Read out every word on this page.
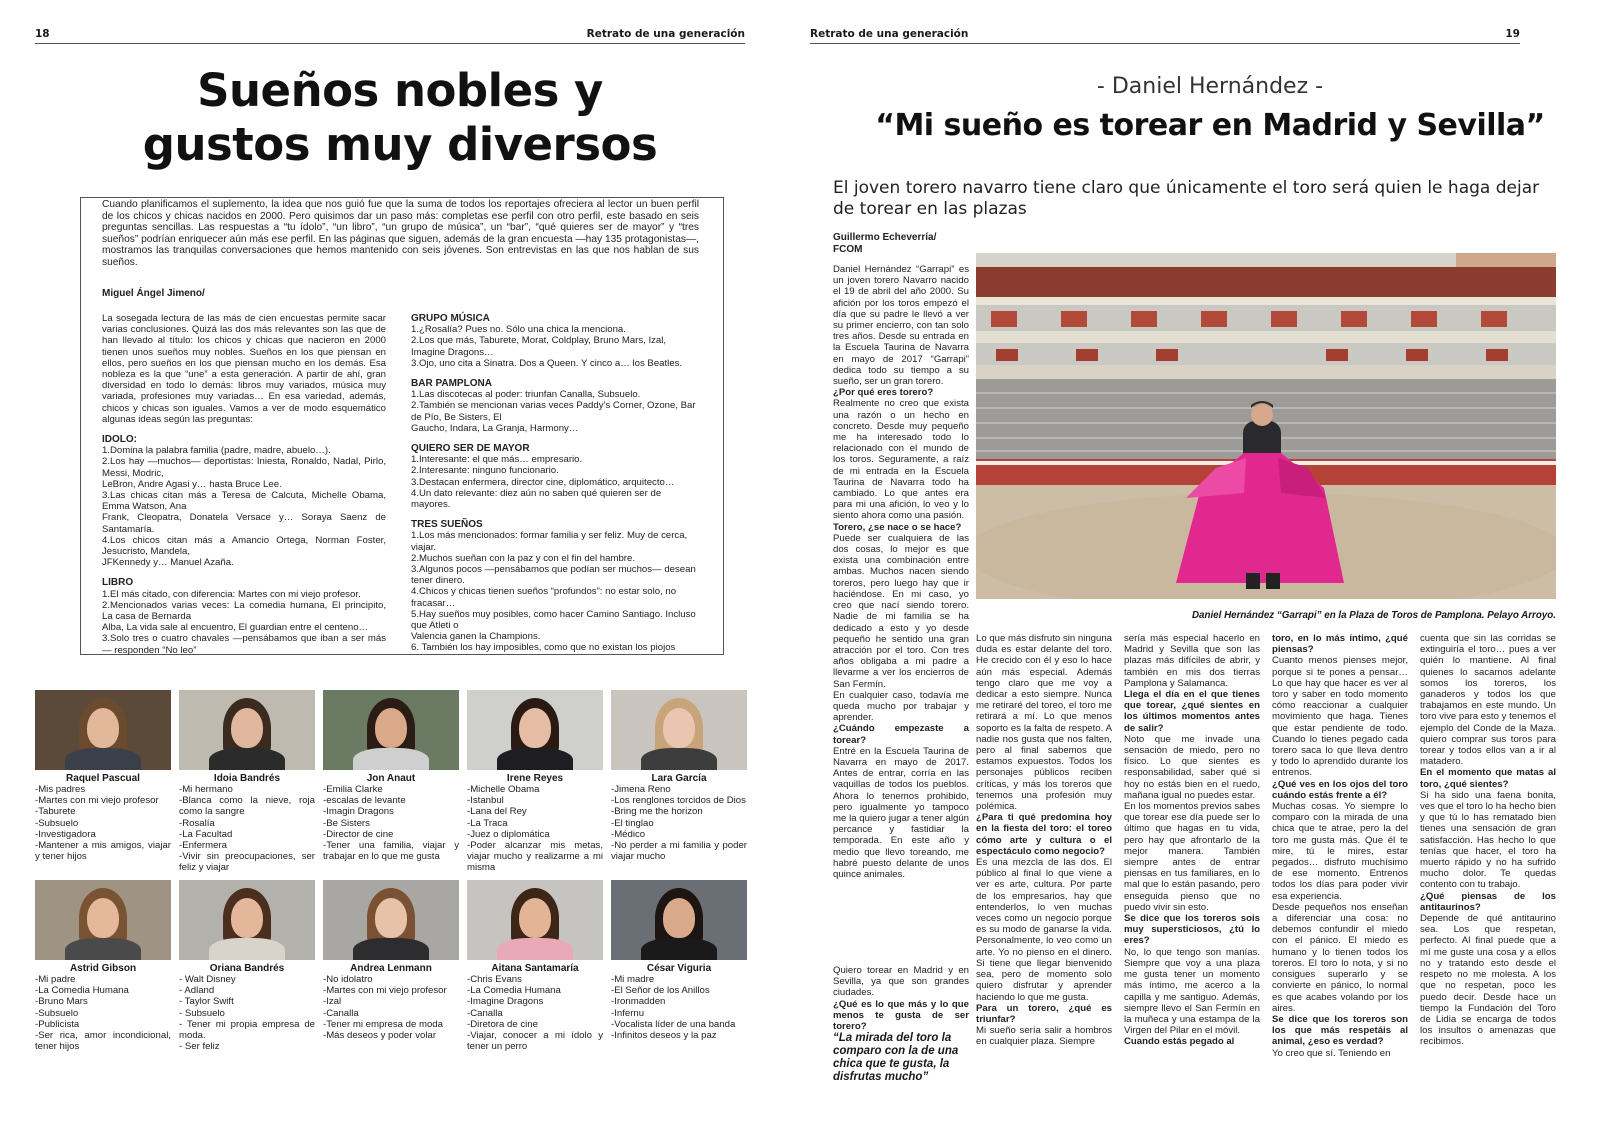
18	Retrato de una generación
Sueños nobles y
gustos muy diversos
Cuando planificamos el suplemento, la idea que nos guió fue que la suma de todos los reportajes ofreciera al lector un buen perfil de los chicos y chicas nacidos en 2000. Pero quisimos dar un paso más: completas ese perfil con otro perfil, este basado en seis preguntas sencillas. Las respuestas a “tu ídolo”, “un libro”, “un grupo de música”, un “bar”, “qué quieres ser de mayor” y “tres sueños” podrían enriquecer aún más ese perfil. En las páginas que siguen, además de la gran encuesta —hay 135 protagonistas—, mostramos las tranquilas conversaciones que hemos mantenido con seis jóvenes. Son entrevistas en las que nos hablan de sus sueños.
Miguel Ángel Jimeno/
La sosegada lectura de las más de cien encuestas permite sacar varias conclusiones. Quizá las dos más relevantes son las que de han llevado al título: los chicos y chicas que nacieron en 2000 tienen unos sueños muy nobles. Sueños en los que piensan en ellos, pero sueños en los que piensan mucho en los demás. Esa nobleza es la que “une” a esta generación. A partir de ahí, gran diversidad en todo lo demás: libros muy variados, música muy variada, profesiones muy variadas… En esa variedad, además, chicos y chicas son iguales. Vamos a ver de modo esquemático algunas ideas según las preguntas:
IDOLO:
1.Domina la palabra familia (padre, madre, abuelo…).
2.Los hay —muchos— deportistas: Iniesta, Ronaldo, Nadal, Pirlo, Messi, Modric,
LeBron, Andre Agasi y… hasta Bruce Lee.
3.Las chicas citan más a Teresa de Calcuta, Michelle Obama, Emma Watson, Ana
Frank, Cleopatra, Donatela Versace y… Soraya Saenz de Santamaría.
4.Los chicos citan más a Amancio Ortega, Norman Foster, Jesucristo, Mandela,
JFKennedy y… Manuel Azaña.
LIBRO
1.El más citado, con diferencia: Martes con mi viejo profesor.
2.Mencionados varias veces: La comedia humana, El principito, La casa de Bernarda
Alba, La vida sale al encuentro, El guardian entre el centeno…
3.Solo tres o cuatro chavales —pensábamos que iban a ser más— responden “No leo”
GRUPO MÚSICA
1.¿Rosalía? Pues no. Sólo una chica la menciona.
2.Los que más, Taburete, Morat, Coldplay, Bruno Mars, Izal, Imagine Dragons…
3.Ojo, uno cita a Sinatra. Dos a Queen. Y cinco a… los Beatles.
BAR PAMPLONA
1.Las discotecas al poder: triunfan Canalla, Subsuelo.
2.También se mencionan varias veces Paddy’s Corner, Ozone, Bar de Pío, Be Sisters, El
Gaucho, Indara, La Granja, Harmony…
QUIERO SER DE MAYOR
1.Interesante: el que más… empresario.
2.Interesante: ninguno funcionario.
3.Destacan enfermera, director cine, diplomático, arquitecto…
4.Un dato relevante: diez aún no saben qué quieren ser de mayores.
TRES SUEÑOS
1.Los más mencionados: formar familia y ser feliz. Muy de cerca, viajar.
2.Muchos sueñan con la paz y con el fin del hambre.
3.Algunos pocos —pensábamos que podían ser muchos— desean tener dinero.
4.Chicos y chicas tienen sueños “profundos”: no estar solo, no fracasar…
5.Hay sueños muy posibles, como hacer Camino Santiago. Incluso que Atleti o
Valencia ganen la Champions.
6. También los hay imposibles, como que no existan los piojos
Raquel Pascual
-Mis padres
-Martes con mi viejo profesor
-Taburete
-Subsuelo
-Investigadora
-Mantener a mis amigos, viajar y tener hijos
Idoia Bandrés
-Mi hermano
-Blanca como la nieve, roja como la sangre
-Rosalía
-La Facultad
-Enfermera
-Vivir sin preocupaciones, ser feliz y viajar
Jon Anaut
-Emilia Clarke
-escalas de levante
-Imagin Dragons
-Be Sisters
-Director de cine
-Tener una familia, viajar y trabajar en lo que me gusta
Irene Reyes
-Michelle Obama
-Istanbul
-Lana del Rey
-La Traca
-Juez o diplomática
-Poder alcanzar mis metas, viajar mucho y realizarme a mi misma
Lara García
-Jimena Reno
-Los renglones torcidos de Dios
-Bring me the horizon
-El tinglao
-Médico
-No perder a mi familia y poder viajar mucho
Astrid Gibson
-Mi padre
-La Comedia Humana
-Bruno Mars
-Subsuelo
-Publicista
-Ser rica, amor incondicional, tener hijos
Oriana Bandrés
- Walt Disney
- Adland
- Taylor Swift
- Subsuelo
- Tener mi propia empresa de moda.
- Ser feliz
Andrea Lenmann
-No idolatro
-Martes con mi viejo profesor
-Izal
-Canalla
-Tener mi empresa de moda
-Más deseos y poder volar
Aitana Santamaría
-Chris Evans
-La Comedia Humana
-Imagine Dragons
-Canalla
-Diretora de cine
-Viajar, conocer a mi ídolo y tener un perro
César Viguria
-Mi madre
-El Señor de los Anillos
-Ironmadden
-Infernu
-Vocalista líder de una banda
-Infinitos deseos y la paz
Retrato de una generación	19
- Daniel Hernández -
“Mi sueño es torear en Madrid y Sevilla”
El joven torero navarro tiene claro que únicamente el toro será quien le haga dejar de torear en las plazas
Guillermo Echeverría/
FCOM
Daniel Hernández “Garrapi” en la Plaza de Toros de Pamplona. Pelayo Arroyo.
Daniel Hernández “Garrapi” es un joven torero Navarro nacido el 19 de abril del año 2000. Su afición por los toros empezó el día que su padre le llevó a ver su primer encierro, con tan solo tres años. Desde su entrada en la Escuela Taurina de Navarra en mayo de 2017 “Garrapi” dedica todo su tiempo a su sueño, ser un gran torero.
¿Por qué eres torero?
Realmente no creo que exista una razón o un hecho en concreto. Desde muy pequeño me ha interesado todo lo relacionado con el mundo de los toros. Seguramente, a raíz de mi entrada en la Escuela Taurina de Navarra todo ha cambiado. Lo que antes era para mi una afición, lo veo y lo siento ahora como una pasión.
Torero, ¿se nace o se hace?
Puede ser cualquiera de las dos cosas, lo mejor es que exista una combinación entre ambas. Muchos nacen siendo toreros, pero luego hay que ir haciéndose. En mi caso, yo creo que nací siendo torero. Nadie de mi familia se ha dedicado a esto y yo desde pequeño he sentido una gran atracción por el toro. Con tres años obligaba a mi padre a llevarme a ver los encierros de San Fermín.
En cualquier caso, todavía me queda mucho por trabajar y aprender.
¿Cuándo empezaste a torear?
Entré en la Escuela Taurina de Navarra en mayo de 2017. Antes de entrar, corría en las vaquillas de todos los pueblos. Ahora lo tenemos prohibido, pero igualmente yo tampoco me la quiero jugar a tener algún percance y fastidiar la temporada. En este año y medio que llevo toreando, me habré puesto delante de unos quince animales.
Quiero torear en Madrid y en Sevilla, ya que son grandes ciudades.
¿Qué es lo que más y lo que menos te gusta de ser torero?
“La mirada del toro la comparo con la de una chica que te gusta, la disfrutas mucho”
Lo que más disfruto sin ninguna duda es estar delante del toro. He crecido con él y eso lo hace aún más especial. Además tengo claro que me voy a dedicar a esto siempre. Nunca me retiraré del toreo, el toro me retirará a mí. Lo que menos soporto es la falta de respeto. A nadie nos gusta que nos falten, pero al final sabemos que estamos expuestos. Todos los personajes públicos reciben críticas, y más los toreros que tenemos una profesión muy polémica.
¿Para ti qué predomina hoy en la fiesta del toro: el toreo cómo arte y cultura o el espectáculo como negocio?
Es una mezcla de las dos. El público al final lo que viene a ver es arte, cultura. Por parte de los empresarios, hay que entenderlos, lo ven muchas veces como un negocio porque es su modo de ganarse la vida. Personalmente, lo veo como un arte. Yo no pienso en el dinero. Si tiene que llegar bienvenido sea, pero de momento solo quiero disfrutar y aprender haciendo lo que me gusta.
Para un torero, ¿qué es triunfar?
Mi sueño sería salir a hombros en cualquier plaza. Siempre
sería más especial hacerlo en Madrid y Sevilla que son las plazas más difíciles de abrir, y también en mis dos tierras Pamplona y Salamanca.
Llega el día en el que tienes que torear, ¿qué sientes en los últimos momentos antes de salir?
Noto que me invade una sensación de miedo, pero no físico. Lo que sientes es responsabilidad, saber qué si hoy no estás bien en el ruedo, mañana igual no puedes estar.
En los momentos previos sabes que torear ese día puede ser lo último que hagas en tu vida, pero hay que afrontarlo de la mejor manera. También siempre antes de entrar piensas en tus familiares, en lo mal que lo están pasando, pero enseguida pienso que no puedo vivir sin esto.
Se dice que los toreros sois muy supersticiosos, ¿tú lo eres?
No, lo que tengo son manías. Siempre que voy a una plaza me gusta tener un momento más íntimo, me acerco a la capilla y me santiguo. Además, siempre llevo el San Fermín en la muñeca y una estampa de la Virgen del Pilar en el móvil.
Cuando estás pegado al
toro, en lo más íntimo, ¿qué piensas?
Cuanto menos pienses mejor, porque si te pones a pensar… Lo que hay que hacer es ver al toro y saber en todo momento cómo reaccionar a cualquier movimiento que haga. Tienes que estar pendiente de todo. Cuando lo tienes pegado cada torero saca lo que lleva dentro y todo lo aprendido durante los entrenos.
¿Qué ves en los ojos del toro cuándo estás frente a él?
Muchas cosas. Yo siempre lo comparo con la mirada de una chica que te atrae, pero la del toro me gusta más. Que él te mire, tú le mires, estar pegados… disfruto muchísimo de ese momento. Entrenos todos los días para poder vivir esa experiencia.
Desde pequeños nos enseñan a diferenciar una cosa: no debemos confundir el miedo con el pánico. El miedo es humano y lo tienen todos los toreros. El toro lo nota, y si no consigues superarlo y se convierte en pánico, lo normal es que acabes volando por los aires.
Se dice que los toreros son los que más respetáis al animal, ¿eso es verdad?
Yo creo que sí. Teniendo en
cuenta que sin las corridas se extinguiría el toro… pues a ver quién lo mantiene. Al final quienes lo sacamos adelante somos los toreros, los ganaderos y todos los que trabajamos en este mundo. Un toro vive para esto y tenemos el ejemplo del Conde de la Maza. quiero comprar sus toros para torear y todos ellos van a ir al matadero.
En el momento que matas al toro, ¿qué sientes?
Si ha sido una faena bonita, ves que el toro lo ha hecho bien y que tú lo has rematado bien tienes una sensación de gran satisfacción. Has hecho lo que tenías que hacer, el toro ha muerto rápido y no ha sufrido mucho dolor. Te quedas contento con tu trabajo.
¿Qué piensas de los antitaurinos?
Depende de qué antitaurino sea. Los que respetan, perfecto. Al final puede que a mí me guste una cosa y a ellos no y tratando esto desde el respeto no me molesta. A los que no respetan, poco les puedo decir. Desde hace un tiempo la Fundación del Toro de Lidia se encarga de todos los insultos o amenazas que recibimos.
